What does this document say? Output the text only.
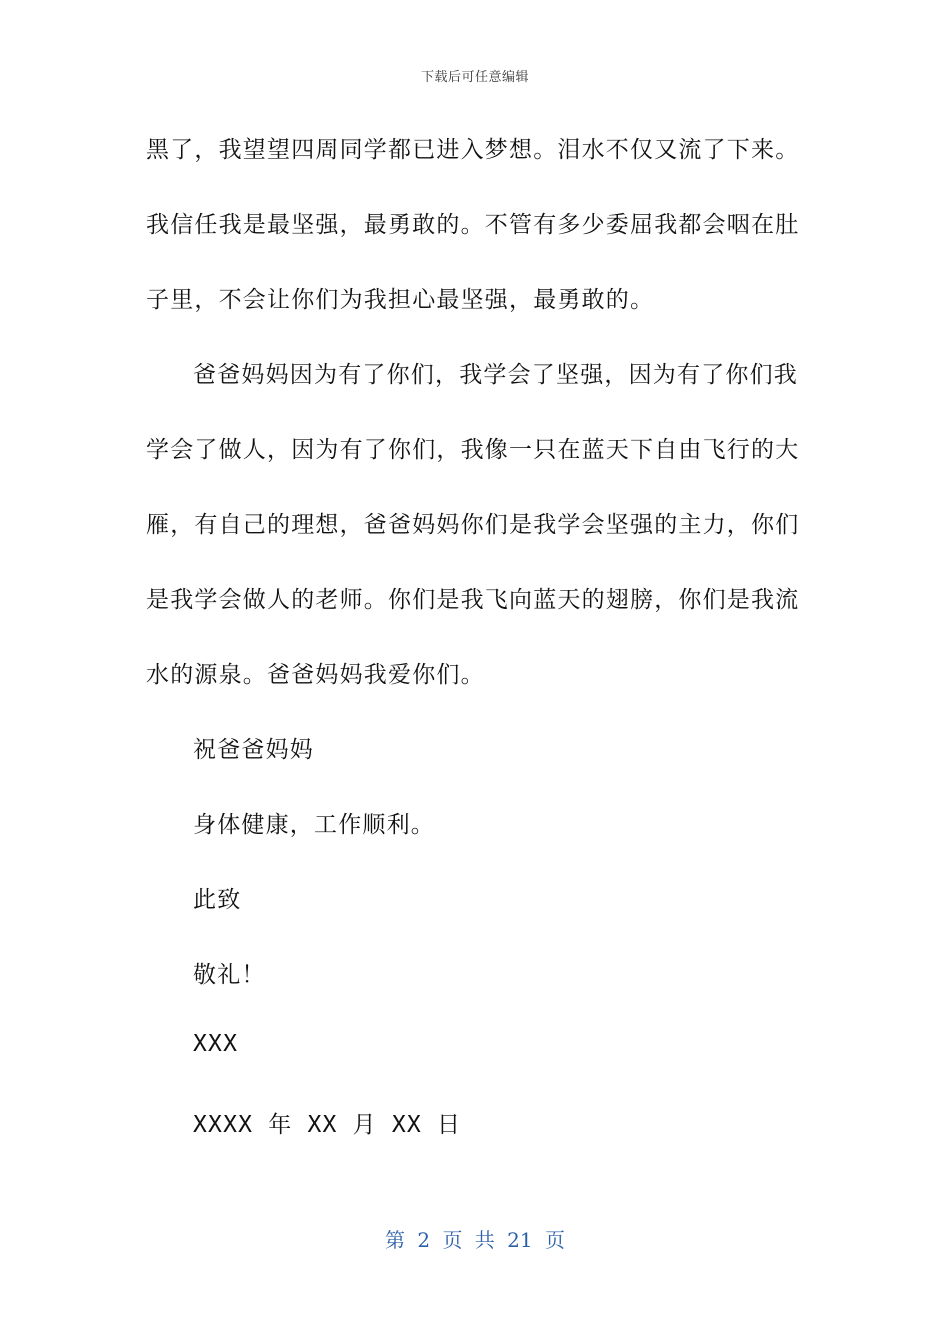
下载后可任意编辑
黑了，我望望四周同学都已进入梦想。泪水不仅又流了下来。
我信任我是最坚强，最勇敢的。不管有多少委屈我都会咽在肚
子里，不会让你们为我担心最坚强，最勇敢的。
爸爸妈妈因为有了你们，我学会了坚强，因为有了你们我
学会了做人，因为有了你们，我像一只在蓝天下自由飞行的大
雁，有自己的理想，爸爸妈妈你们是我学会坚强的主力，你们
是我学会做人的老师。你们是我飞向蓝天的翅膀，你们是我流
水的源泉。爸爸妈妈我爱你们。
祝爸爸妈妈
身体健康，工作顺利。
此致
敬礼！
XXX
XXXX 年 XX 月 XX 日
第 2 页 共 21 页
